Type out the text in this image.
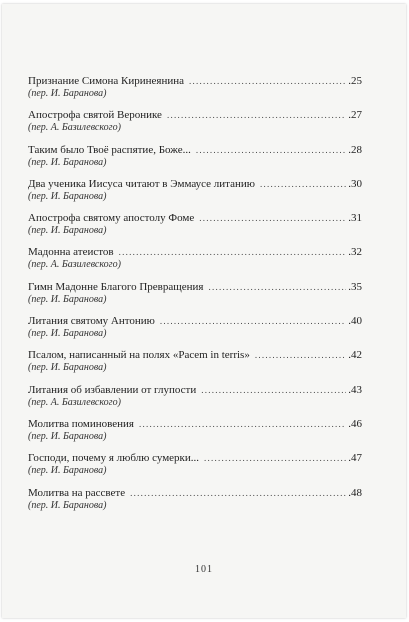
Признание Симона Киринеянина . . .	.25
(пер. И. Баранова)
Апострофа святой Веронике . . .	.27
(пер. А. Базилевского)
Таким было Твоё распятие, Боже... . . .	.28
(пер. И. Баранова)
Два ученика Иисуса читают в Эммаусе литанию . . .	.30
(пер. И. Баранова)
Апострофа святому апостолу Фоме . . .	.31
(пер. И. Баранова)
Мадонна атеистов . . .	.32
(пер. А. Базилевского)
Гимн Мадонне Благого Превращения . . .	.35
(пер. И. Баранова)
Литания святому Антонию . . .	.40
(пер. И. Баранова)
Псалом, написанный на полях «Pacem in terris» . . .	.42
(пер. И. Баранова)
Литания об избавлении от глупости . . .	.43
(пер. А. Базилевского)
Молитва поминовения . . .	.46
(пер. И. Баранова)
Господи, почему я люблю сумерки... . . .	.47
(пер. И. Баранова)
Молитва на рассвете . . .	.48
(пер. И. Баранова)
101
